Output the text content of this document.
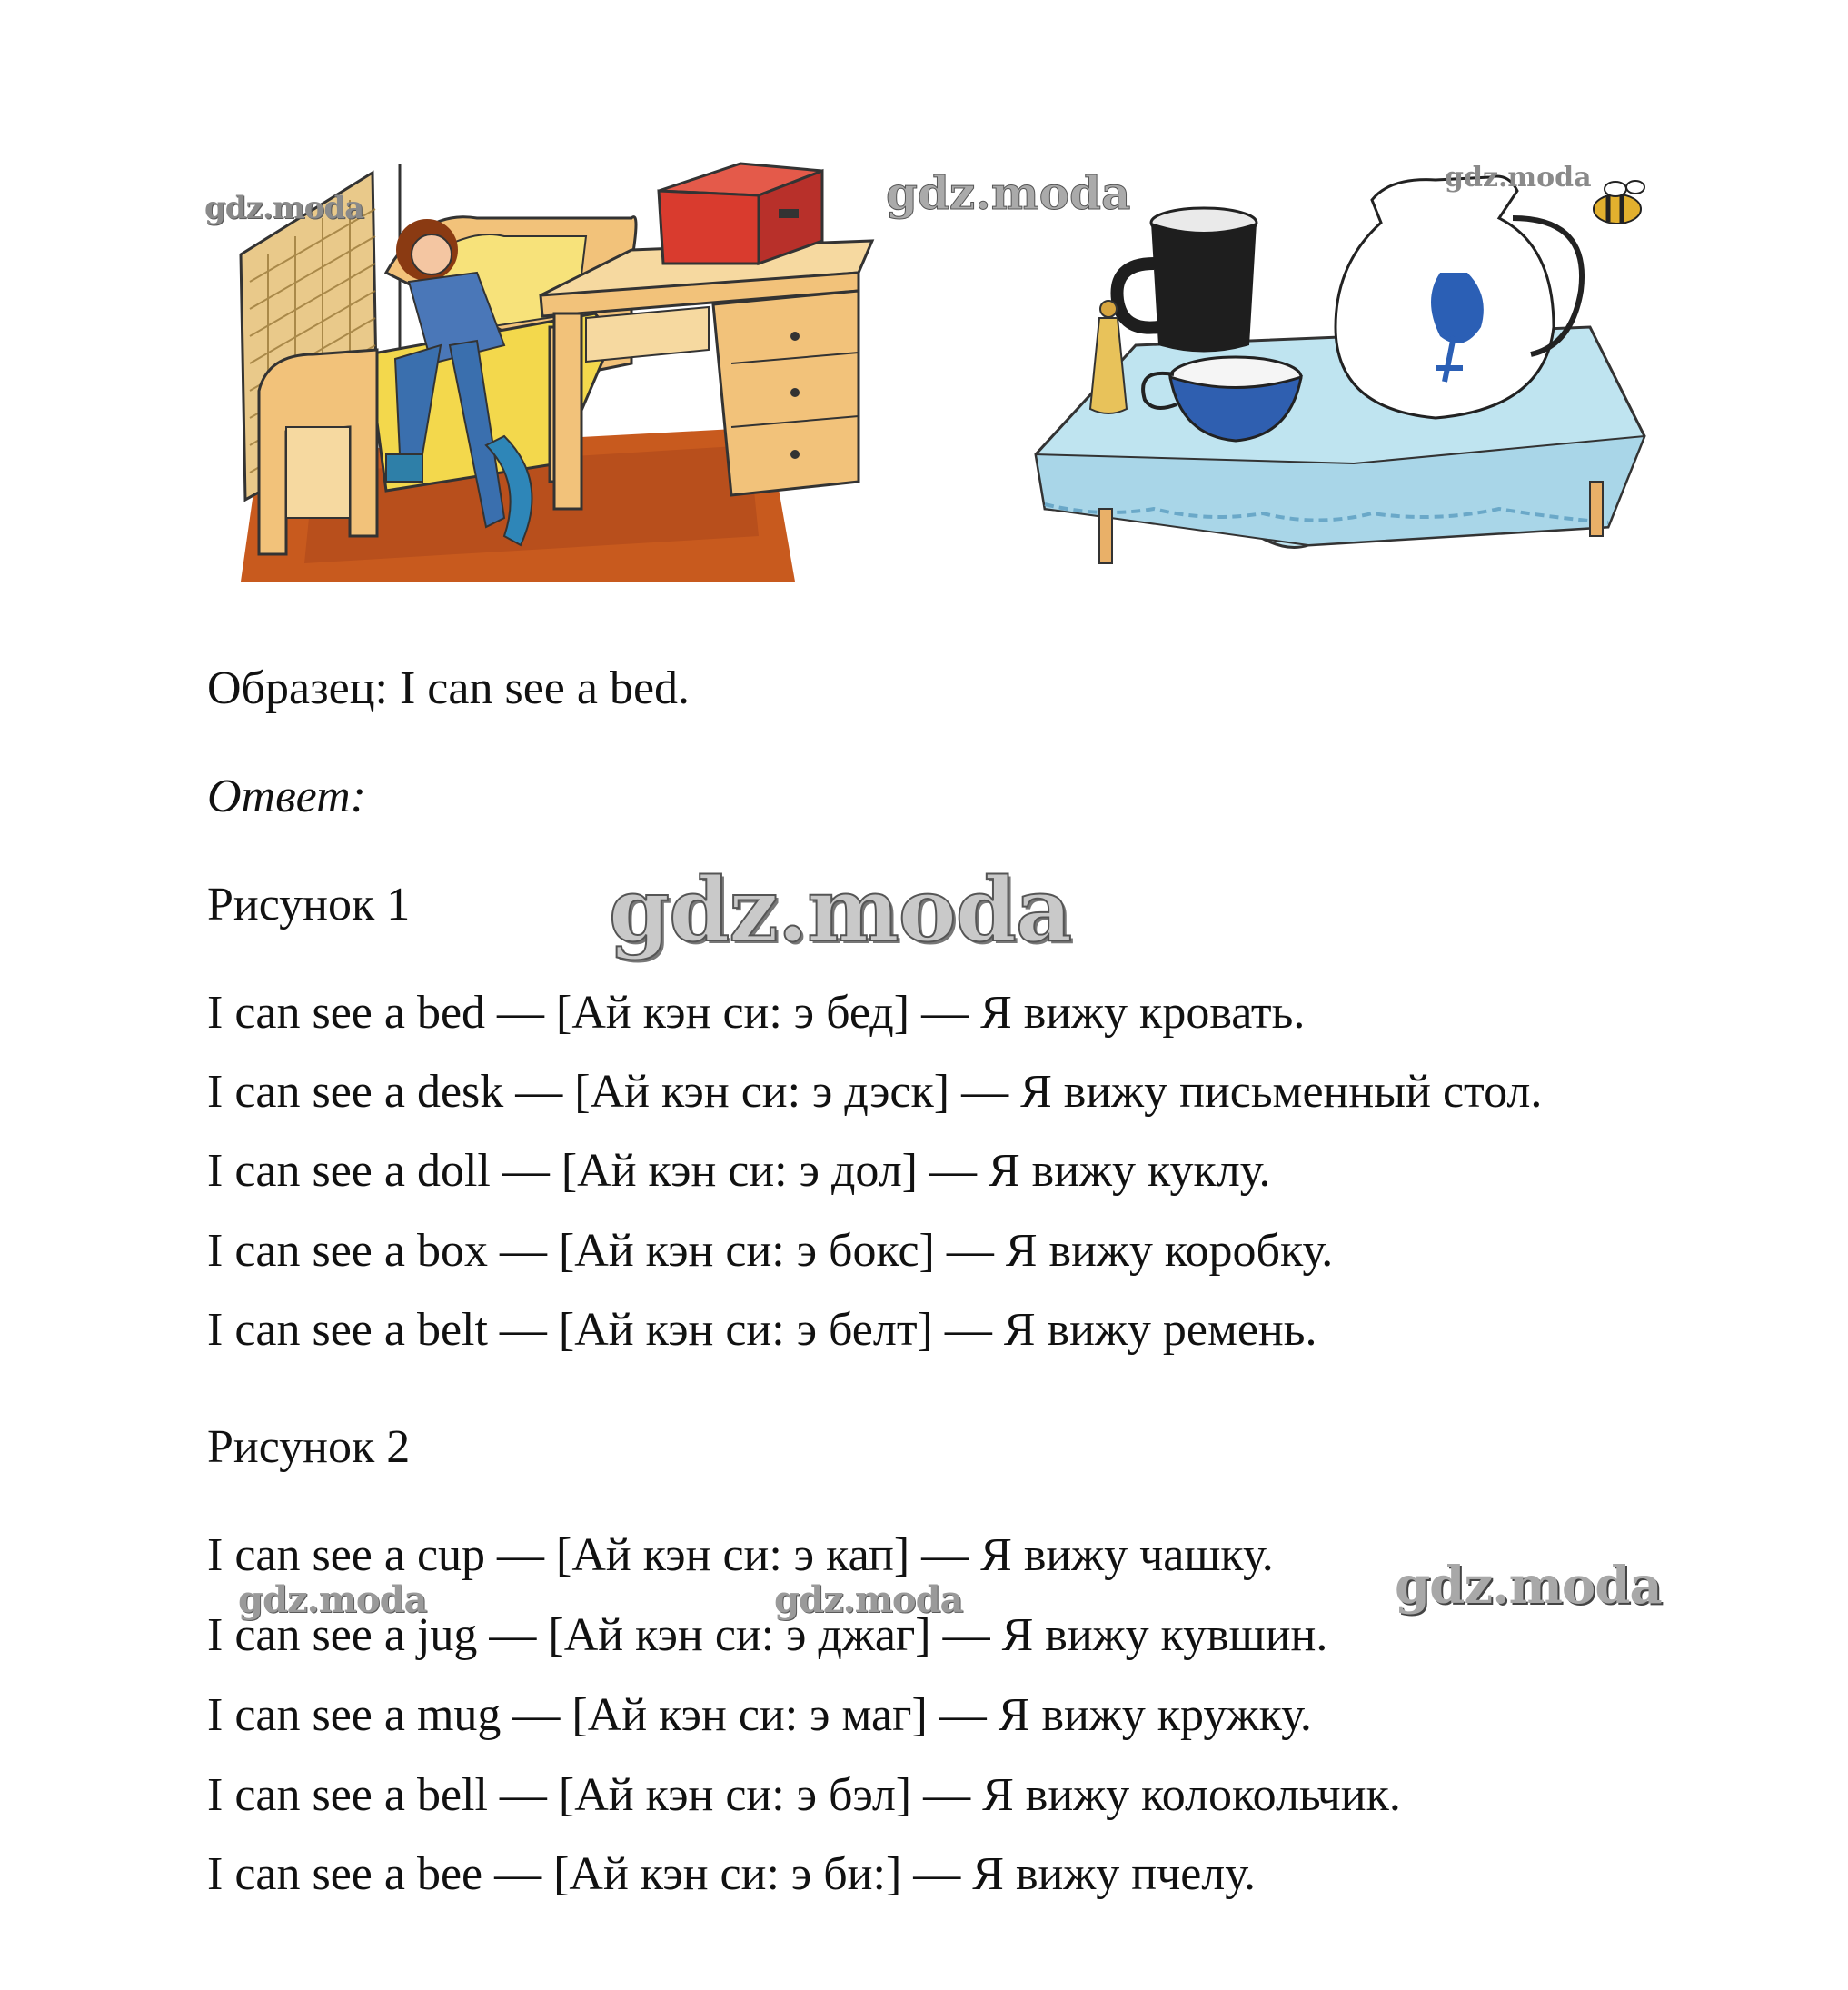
gdz.moda	gdz.moda	gdz.moda
gdz.moda
Образец: I can see a bed.
Ответ:
Рисунок 1
I can see a bed — [Ай кэн си: э бед] — Я вижу кровать.
I can see a desk — [Ай кэн си: э дэск] — Я вижу письменный стол.
I can see a doll — [Ай кэн си: э дол] — Я вижу куклу.
I can see a box — [Ай кэн си: э бокс] — Я вижу коробку.
I can see a belt — [Ай кэн си: э белт] — Я вижу ремень.
Рисунок 2
I can see a cup — [Ай кэн си: э кап] — Я вижу чашку.
I can see a jug — [Ай кэн си: э джаг] — Я вижу кувшин.
I can see a mug — [Ай кэн си: э маг] — Я вижу кружку.
I can see a bell — [Ай кэн си: э бэл] — Я вижу колокольчик.
I can see a bee — [Ай кэн си: э би:] — Я вижу пчелу.
gdz.moda	gdz.moda	gdz.moda
